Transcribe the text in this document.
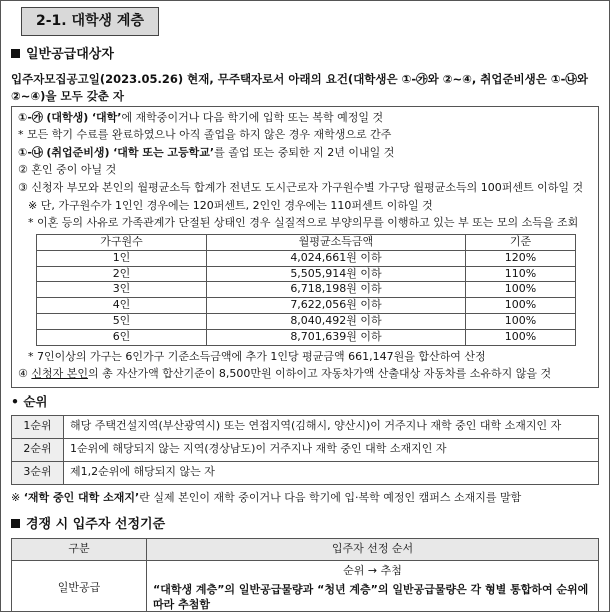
2-1. 대학생 계층
일반공급대상자
입주자모집공고일(2023.05.26) 현재, 무주택자로서 아래의 요건(대학생은 ①-㉮와 ②~④, 취업준비생은 ①-㉯와 ②~④)을 모두 갖춘 자

①-㉮ (대학생) ‘대학’에 재학중이거나 다음 학기에 입학 또는 복학 예정일 것

* 모든 학기 수료를 완료하였으나 아직 졸업을 하지 않은 경우 재학생으로 간주

①-㉯ (취업준비생) ‘대학 또는 고등학교’를 졸업 또는 중퇴한 지 2년 이내일 것

② 혼인 중이 아닐 것

③ 신청자 부모와 본인의 월평균소득 합계가 전년도 도시근로자 가구원수별 가구당 월평균소득의 100퍼센트 이하일 것

※ 단, 가구원수가 1인인 경우에는 120퍼센트, 2인인 경우에는 110퍼센트 이하일 것

* 이혼 등의 사유로 가족관계가 단절된 상태인 경우 실질적으로 부양의무를 이행하고 있는 부 또는 모의 소득을 조회

가구원수	월평균소득금액	기준
1인	4,024,661원 이하	120%
2인	5,505,914원 이하	110%
3인	6,718,198원 이하	100%
4인	7,622,056원 이하	100%
5인	8,040,492원 이하	100%
6인	8,701,639원 이하	100%

* 7인이상의 가구는 6인가구 기준소득금액에 추가 1인당 평균금액 661,147원을 합산하여 산정

④ 신청자 본인의 총 자산가액 합산기준이 8,500만원 이하이고 자동차가액 산출대상 자동차를 소유하지 않을 것

• 순위
1순위	해당 주택건설지역(부산광역시) 또는 연접지역(김해시, 양산시)이 거주지나 재학 중인 대학 소재지인 자
2순위	1순위에 해당되지 않는 지역(경상남도)이 거주지나 재학 중인 대학 소재지인 자
3순위	제1,2순위에 해당되지 않는 자
※ ‘재학 중인 대학 소재지’란 실제 본인이 재학 중이거나 다음 학기에 입·복학 예정인 캠퍼스 소재지를 말함
경쟁 시 입주자 선정기준
구분	입주자 선정 순서
일반공급	순위 → 추첨
“대학생 계층”의 일반공급물량과 “청년 계층”의 일반공급물량은 각 형별 통합하여 순위에 따라 추첨함
